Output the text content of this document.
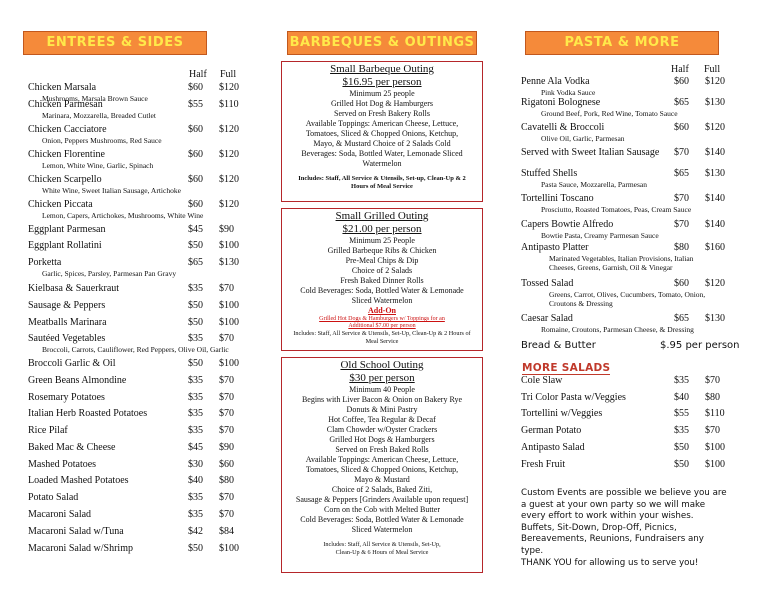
ENTREES & SIDES	BARBEQUES & OUTINGS	PASTA & MORE
Half Full
Chicken Marsala	$60 $120
Mushrooms, Marsala Brown Sauce
Chicken Parmesan	$55 $110
Marinara, Mozzarella, Breaded Cutlet
Chicken Cacciatore	$60 $120
Onion, Peppers Mushrooms, Red Sauce
Chicken Florentine	$60 $120
Lemon, White Wine, Garlic, Spinach
Chicken Scarpello	$60 $120
White Wine, Sweet Italian Sausage, Artichoke
Chicken Piccata	$60 $120
Lemon, Capers, Artichokes, Mushrooms, White Wine
Eggplant Parmesan	$45 $90
Eggplant Rollatini	$50 $100
Porketta	$65 $130
Garlic, Spices, Parsley, Parmesan Pan Gravy
Kielbasa & Sauerkraut	$35 $70
Sausage & Peppers	$50 $100
Meatballs Marinara	$50 $100
Sautéed Vegetables	$35 $70
Broccoli, Carrots, Cauliflower, Red Peppers, Olive Oil, Garlic
Broccoli Garlic & Oil	$50 $100
Green Beans Almondine	$35 $70
Rosemary Potatoes	$35 $70
Italian Herb Roasted Potatoes	$35 $70
Rice Pilaf	$35 $70
Baked Mac & Cheese	$45 $90
Mashed Potatoes	$30 $60
Loaded Mashed Potatoes	$40 $80
Potato Salad	$35 $70
Macaroni Salad	$35 $70
Macaroni Salad w/Tuna	$42 $84
Macaroni Salad w/Shrimp	$50 $100
Small Barbeque Outing
$16.95 per person
Minimum 25 people
Grilled Hot Dog & Hamburgers
Served on Fresh Bakery Rolls
Available Toppings: American Cheese, Lettuce,
Tomatoes, Sliced & Chopped Onions, Ketchup,
Mayo, & Mustard Choice of 2 Salads Cold
Beverages: Soda, Bottled Water, Lemonade Sliced
Watermelon
Includes: Staff, All Service & Utensils, Set-up, Clean-Up & 2
Hours of Meal Service
Small Grilled Outing
$21.00 per person
Minimum 25 People
Grilled Barbeque Ribs & Chicken
Pre-Meal Chips & Dip
Choice of 2 Salads
Fresh Baked Dinner Rolls
Cold Beverages: Soda, Bottled Water & Lemonade
Sliced Watermelon
Add-On
Grilled Hot Dogs & Hamburgers w/ Toppings for an
Additional $7.00 per person
Includes: Staff, All Service & Utensils, Set-Up, Clean-Up & 2 Hours of
Meal Service
Old School Outing
$30 per person
Minimum 40 People
Begins with Liver Bacon & Onion on Bakery Rye
Donuts & Mini Pastry
Hot Coffee, Tea Regular & Decaf
Clam Chowder w/Oyster Crackers
Grilled Hot Dogs & Hamburgers
Served on Fresh Baked Rolls
Available Toppings: American Cheese, Lettuce,
Tomatoes, Sliced & Chopped Onions, Ketchup,
Mayo & Mustard
Choice of 2 Salads, Baked Ziti,
Sausage & Peppers [Grinders Available upon request]
Corn on the Cob with Melted Butter
Cold Beverages: Soda, Bottled Water & Lemonade
Sliced Watermelon
Includes: Staff, All Service & Utensils, Set-Up,
Clean-Up & 6 Hours of Meal Service
Half Full
Penne Ala Vodka	$60 $120
Pink Vodka Sauce
Rigatoni Bolognese	$65 $130
Ground Beef, Pork, Red Wine, Tomato Sauce
Cavatelli & Broccoli	$60 $120
Olive Oil, Garlic, Parmesan
Served with Sweet Italian Sausage $70 $140
Stuffed Shells	$65 $130
Pasta Sauce, Mozzarella, Parmesan
Tortellini Toscano	$70 $140
Prosciutto, Roasted Tomatoes, Peas, Cream Sauce
Capers Bowtie Alfredo	$70 $140
Bowtie Pasta, Creamy Parmesan Sauce
Antipasto Platter	$80 $160
Marinated Vegetables, Italian Provisions, Italian
Cheeses, Greens, Garnish, Oil & Vinegar
Tossed Salad	$60 $120
Greens, Carrot, Olives, Cucumbers, Tomato, Onion,
Croutons & Dressing
Caesar Salad	$65 $130
Romaine, Croutons, Parmesan Cheese, & Dressing
Bread & Butter	$.95 per person
Cole Slaw	$35 $70
Tri Color Pasta w/Veggies	$40 $80
Tortellini w/Veggies	$55 $110
German Potato	$35 $70
Antipasto Salad	$50 $100
Fresh Fruit	$50 $100
MORE SALADS
Custom Events are possible we believe you are a guest at your own party so we will make every effort to work within your wishes. Buffets, Sit-Down, Drop-Off, Picnics, Bereavements, Reunions, Fundraisers any type.
THANK YOU for allowing us to serve you!
